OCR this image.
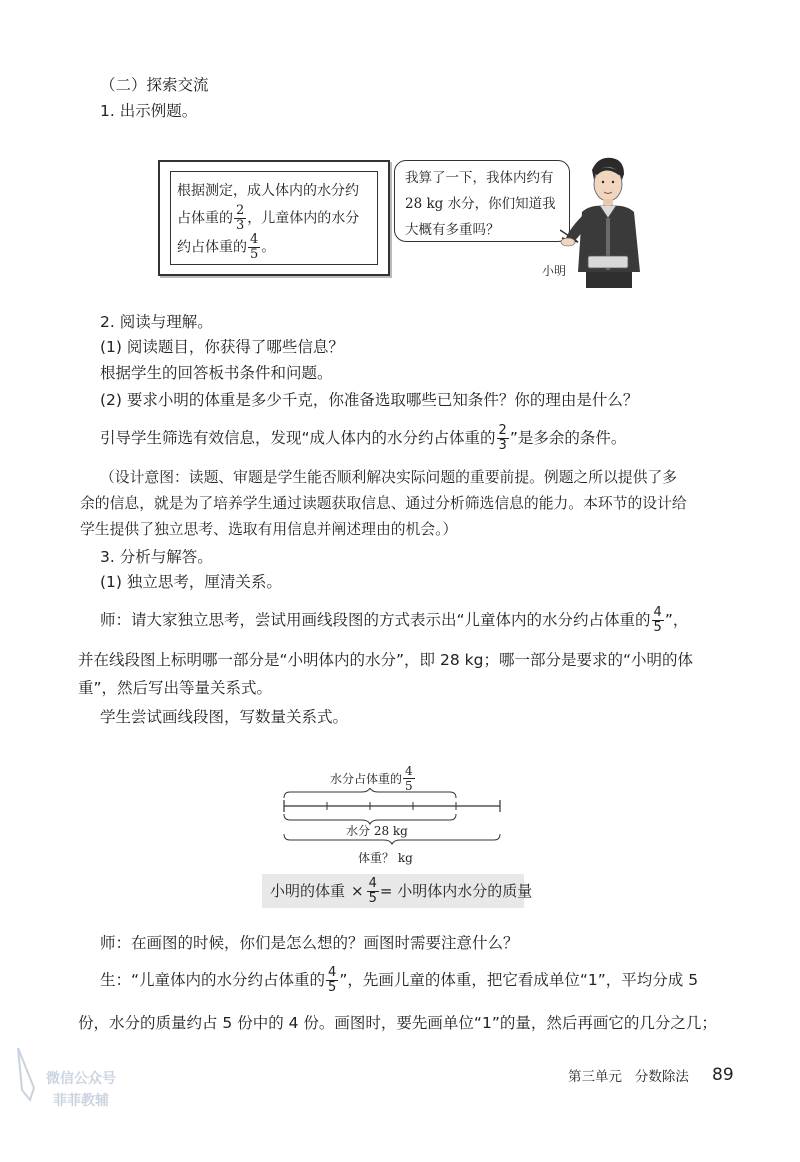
（二）探索交流
1. 出示例题。
根据测定，成人体内的水分约
占体重的 $\frac{2}{3}$ ，儿童体内的水分
约占体重的 $\frac{4}{5}$ 。
我算了一下，我体内约有
28 kg 水分，你们知道我
大概有多重吗？
小明
2. 阅读与理解。
(1) 阅读题目，你获得了哪些信息？
根据学生的回答板书条件和问题。
(2) 要求小明的体重是多少千克，你准备选取哪些已知条件？你的理由是什么？
引导学生筛选有效信息，发现“成人体内的水分约占体重的 $\frac{2}{3}$ ”是多余的条件。
（设计意图：读题、审题是学生能否顺利解决实际问题的重要前提。例题之所以提供了多
余的信息，就是为了培养学生通过读题获取信息、通过分析筛选信息的能力。本环节的设计给
学生提供了独立思考、选取有用信息并阐述理由的机会。）
3. 分析与解答。
(1) 独立思考，厘清关系。
师：请大家独立思考，尝试用画线段图的方式表示出“儿童体内的水分约占体重的 $\frac{4}{5}$ ”，
并在线段图上标明哪一部分是“小明体内的水分”，即 28 kg；哪一部分是要求的“小明的体
重”，然后写出等量关系式。
学生尝试画线段图，写数量关系式。
水分占体重的 $\frac{4}{5}$
水分 28 kg
体重？ kg
小明的体重 × $\frac{4}{5}$ = 小明体内水分的质量
师：在画图的时候，你们是怎么想的？画图时需要注意什么？
生：“儿童体内的水分约占体重的 $\frac{4}{5}$ ”，先画儿童的体重，把它看成单位“1”，平均分成 5
份，水分的质量约占 5 份中的 4 份。画图时，要先画单位“1”的量，然后再画它的几分之几；
微信公众号
菲菲教辅
第三单元   分数除法 89
